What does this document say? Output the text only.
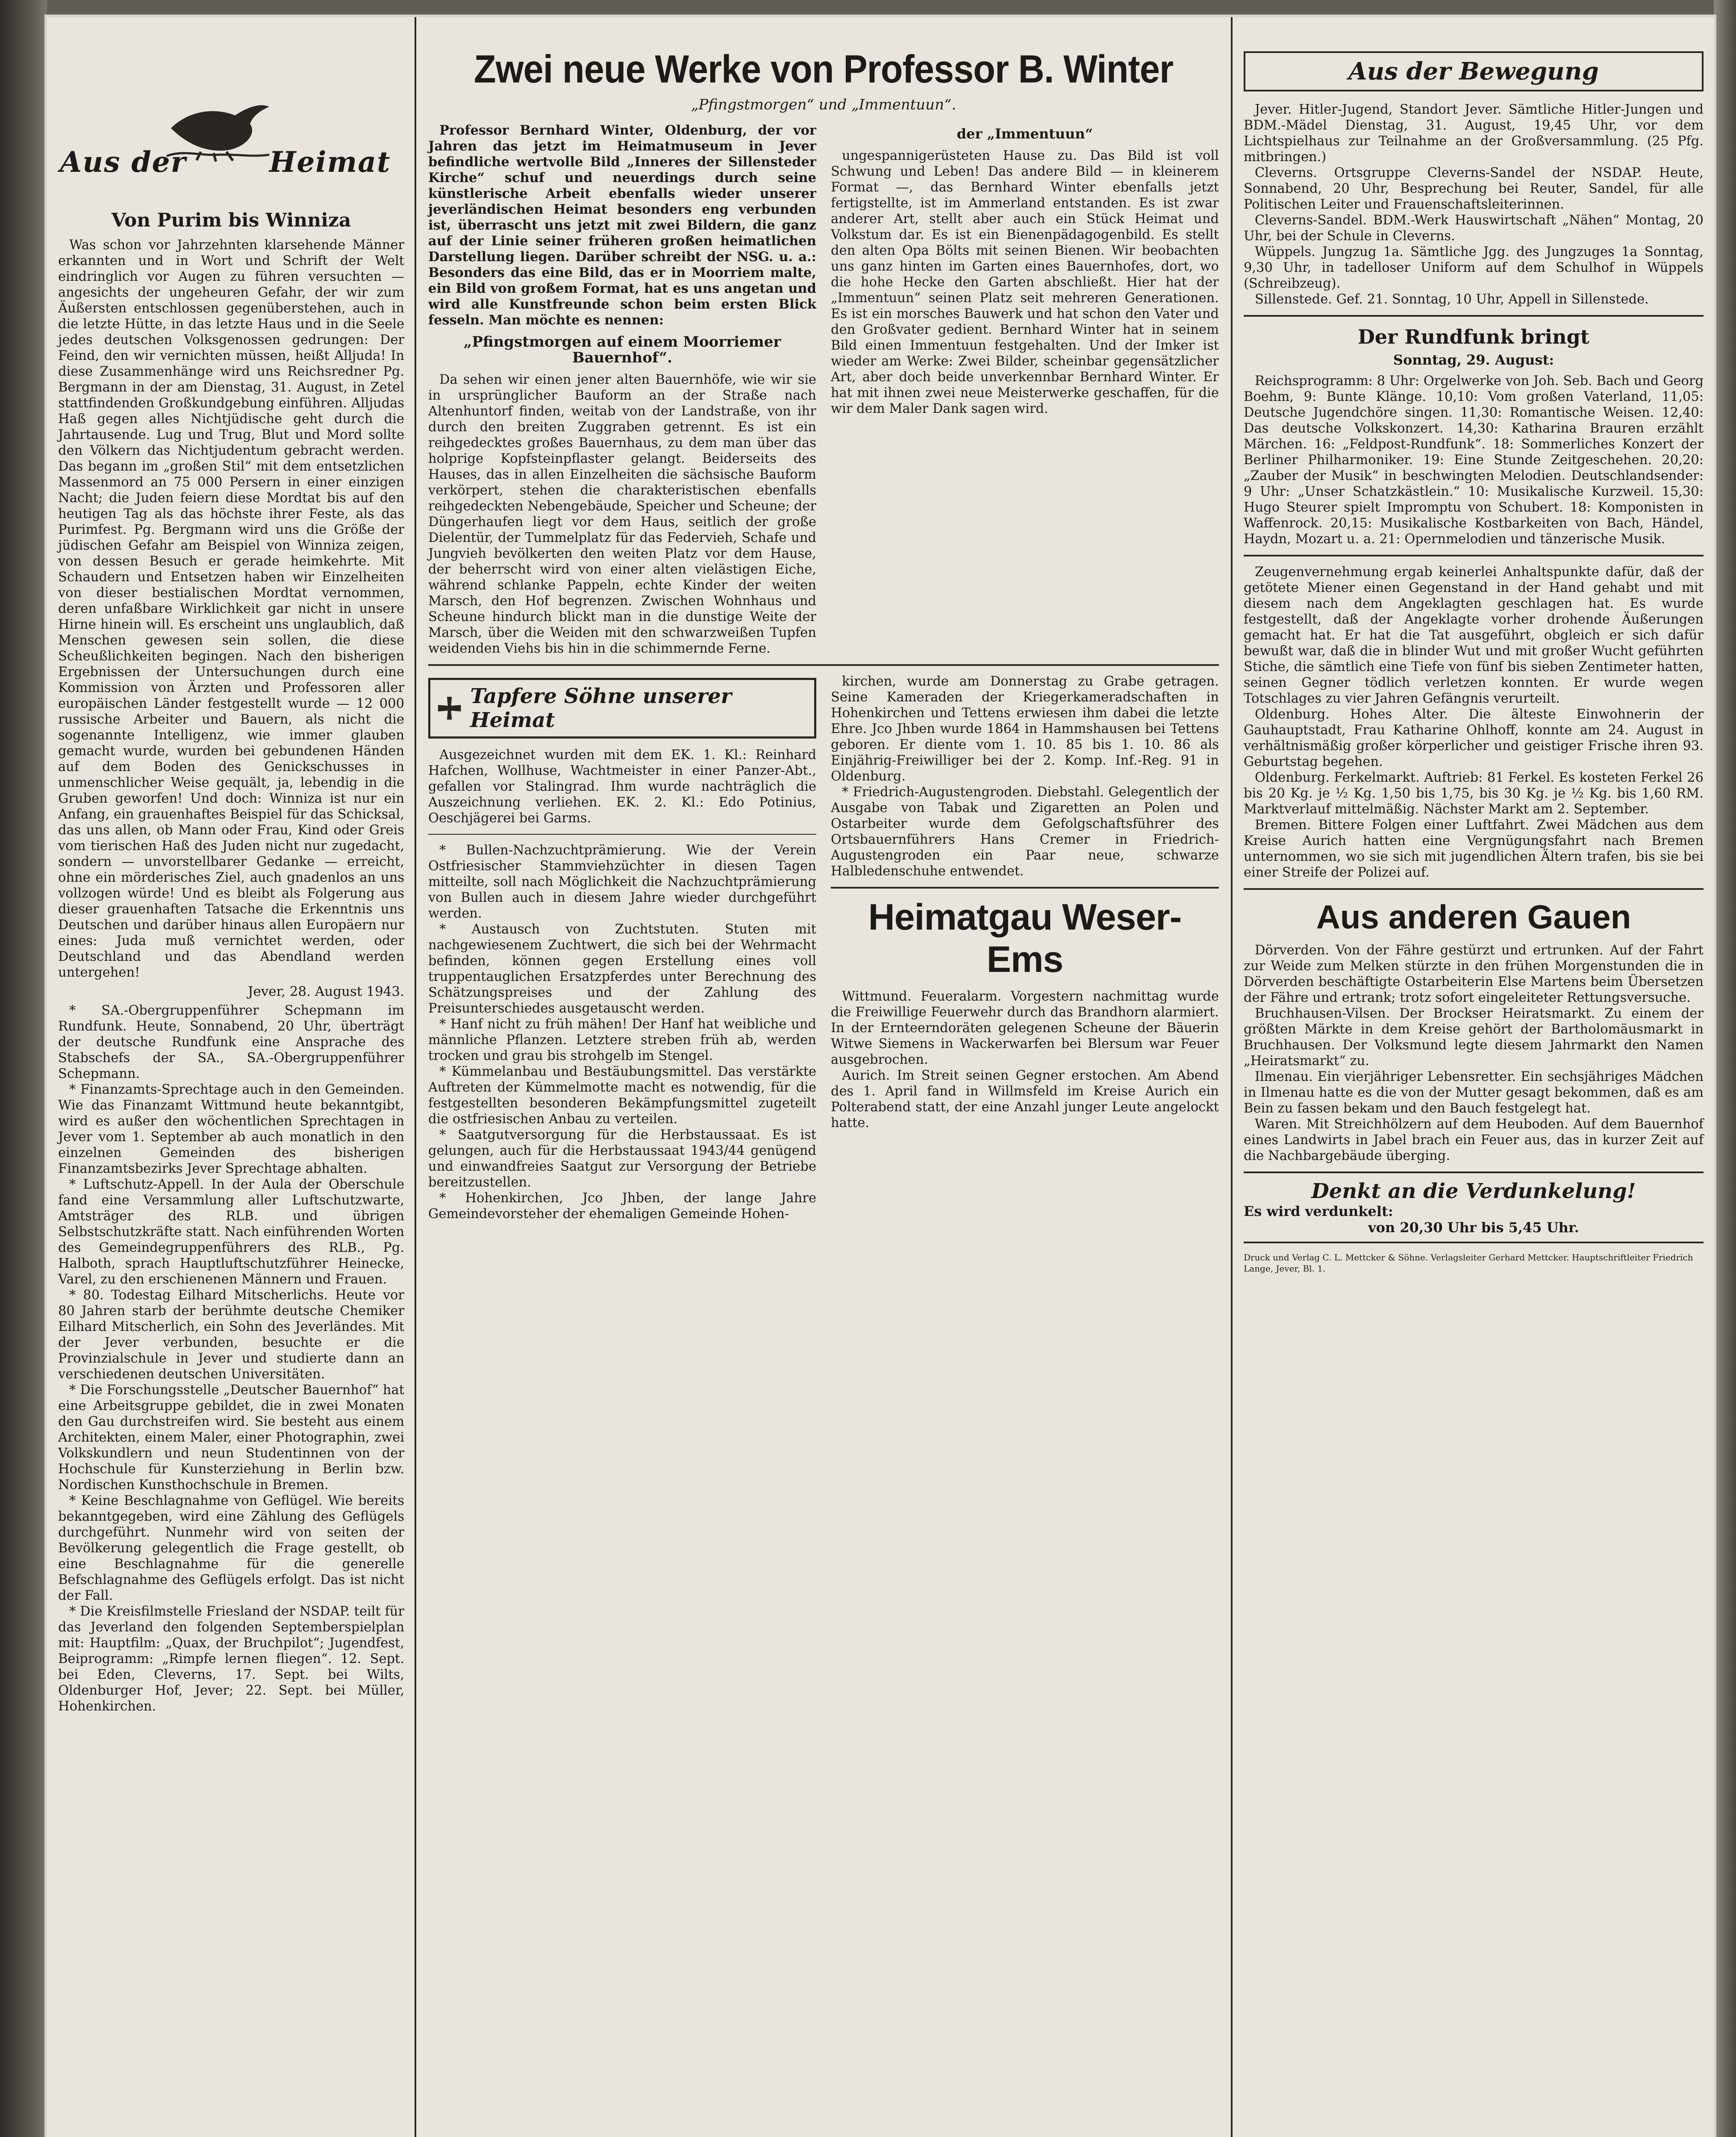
Aus der	Heimat
Von Purim bis Winniza

Was schon vor Jahrzehnten klarsehende Männer erkannten und in Wort und Schrift der Welt eindringlich vor Augen zu führen versuchten — angesichts der ungeheuren Gefahr, der wir zum Äußersten entschlossen gegenüberstehen, auch in die letzte Hütte, in das letzte Haus und in die Seele jedes deutschen Volksgenossen gedrungen: Der Feind, den wir vernichten müssen, heißt Alljuda! In diese Zusammenhänge wird uns Reichsredner Pg. Bergmann in der am Dienstag, 31. August, in Zetel stattfindenden Großkundgebung einführen. Alljudas Haß gegen alles Nichtjüdische geht durch die Jahrtausende. Lug und Trug, Blut und Mord sollte den Völkern das Nichtjudentum gebracht werden. Das begann im „großen Stil“ mit dem entsetzlichen Massenmord an 75 000 Persern in einer einzigen Nacht; die Juden feiern diese Mordtat bis auf den heutigen Tag als das höchste ihrer Feste, als das Purimfest. Pg. Bergmann wird uns die Größe der jüdischen Gefahr am Beispiel von Winniza zeigen, von dessen Besuch er gerade heimkehrte. Mit Schaudern und Entsetzen haben wir Einzelheiten von dieser bestialischen Mordtat vernommen, deren unfaßbare Wirklichkeit gar nicht in unsere Hirne hinein will. Es erscheint uns unglaublich, daß Menschen gewesen sein sollen, die diese Scheußlichkeiten begingen. Nach den bisherigen Ergebnissen der Untersuchungen durch eine Kommission von Ärzten und Professoren aller europäischen Länder festgestellt wurde — 12 000 russische Arbeiter und Bauern, als nicht die sogenannte Intelligenz, wie immer glauben gemacht wurde, wurden bei gebundenen Händen auf dem Boden des Genickschusses in unmenschlicher Weise gequält, ja, lebendig in die Gruben geworfen! Und doch: Winniza ist nur ein Anfang, ein grauenhaftes Beispiel für das Schicksal, das uns allen, ob Mann oder Frau, Kind oder Greis vom tierischen Haß des Juden nicht nur zugedacht, sondern — unvorstellbarer Gedanke — erreicht, ohne ein mörderisches Ziel, auch gnadenlos an uns vollzogen würde! Und es bleibt als Folgerung aus dieser grauenhaften Tatsache die Erkenntnis uns Deutschen und darüber hinaus allen Europäern nur eines: Juda muß vernichtet werden, oder Deutschland und das Abendland werden untergehen!

Jever, 28. August 1943.

* SA.-Obergruppenführer Schepmann im Rundfunk. Heute, Sonnabend, 20 Uhr, überträgt der deutsche Rundfunk eine Ansprache des Stabschefs der SA., SA.-Obergruppenführer Schepmann.

* Finanzamts-Sprechtage auch in den Gemeinden. Wie das Finanzamt Wittmund heute bekanntgibt, wird es außer den wöchentlichen Sprechtagen in Jever vom 1. September ab auch monatlich in den einzelnen Gemeinden des bisherigen Finanzamtsbezirks Jever Sprechtage abhalten.

* Luftschutz-Appell. In der Aula der Oberschule fand eine Versammlung aller Luftschutzwarte, Amtsträger des RLB. und übrigen Selbstschutzkräfte statt. Nach einführenden Worten des Gemeindegruppenführers des RLB., Pg. Halboth, sprach Hauptluftschutzführer Heinecke, Varel, zu den erschienenen Männern und Frauen.

* 80. Todestag Eilhard Mitscherlichs. Heute vor 80 Jahren starb der berühmte deutsche Chemiker Eilhard Mitscherlich, ein Sohn des Jeverländes. Mit der Jever verbunden, besuchte er die Provinzialschule in Jever und studierte dann an verschiedenen deutschen Universitäten.

* Die Forschungsstelle „Deutscher Bauernhof“ hat eine Arbeitsgruppe gebildet, die in zwei Monaten den Gau durchstreifen wird. Sie besteht aus einem Architekten, einem Maler, einer Photographin, zwei Volkskundlern und neun Studentinnen von der Hochschule für Kunsterziehung in Berlin bzw. Nordischen Kunsthochschule in Bremen.

* Keine Beschlagnahme von Geflügel. Wie bereits bekanntgegeben, wird eine Zählung des Geflügels durchgeführt. Nunmehr wird von seiten der Bevölkerung gelegentlich die Frage gestellt, ob eine Beschlagnahme für die generelle Befschlagnahme des Geflügels erfolgt. Das ist nicht der Fall.

* Die Kreisfilmstelle Friesland der NSDAP. teilt für das Jeverland den folgenden Septemberspielplan mit: Hauptfilm: „Quax, der Bruchpilot“; Jugendfest, Beiprogramm: „Rimpfe lernen fliegen“. 12. Sept. bei Eden, Cleverns, 17. Sept. bei Wilts, Oldenburger Hof, Jever; 22. Sept. bei Müller, Hohenkirchen.

Zwei neue Werke von Professor B. Winter
„Pfingstmorgen“ und „Immentuun“.

Professor Bernhard Winter, Oldenburg, der vor Jahren das jetzt im Heimatmuseum in Jever befindliche wertvolle Bild „Inneres der Sillensteder Kirche“ schuf und neuerdings durch seine künstlerische Arbeit ebenfalls wieder unserer jeverländischen Heimat besonders eng verbunden ist, überrascht uns jetzt mit zwei Bildern, die ganz auf der Linie seiner früheren großen heimatlichen Darstellung liegen. Darüber schreibt der NSG. u. a.: Besonders das eine Bild, das er in Moorriem malte, ein Bild von großem Format, hat es uns angetan und wird alle Kunstfreunde schon beim ersten Blick fesseln. Man möchte es nennen:

„Pfingstmorgen auf einem Moorriemer Bauernhof“.

Da sehen wir einen jener alten Bauernhöfe, wie wir sie in ursprünglicher Bauform an der Straße nach Altenhuntorf finden, weitab von der Landstraße, von ihr durch den breiten Zuggraben getrennt. Es ist ein reihgedecktes großes Bauernhaus, zu dem man über das holprige Kopfsteinpflaster gelangt. Beiderseits des Hauses, das in allen Einzelheiten die sächsische Bauform verkörpert, stehen die charakteristischen ebenfalls reihgedeckten Nebengebäude, Speicher und Scheune; der Düngerhaufen liegt vor dem Haus, seitlich der große Dielentür, der Tummelplatz für das Federvieh, Schafe und Jungvieh bevölkerten den weiten Platz vor dem Hause, der beherrscht wird von einer alten vielästigen Eiche, während schlanke Pappeln, echte Kinder der weiten Marsch, den Hof begrenzen. Zwischen Wohnhaus und Scheune hindurch blickt man in die dunstige Weite der Marsch, über die Weiden mit den schwarzweißen Tupfen weidenden Viehs bis hin in die schimmernde Ferne.

der „Immentuun“

ungespannigerüsteten Hause zu. Das Bild ist voll Schwung und Leben! Das andere Bild — in kleinerem Format —, das Bernhard Winter ebenfalls jetzt fertigstellte, ist im Ammerland entstanden. Es ist zwar anderer Art, stellt aber auch ein Stück Heimat und Volkstum dar. Es ist ein Bienenpädagogenbild. Es stellt den alten Opa Bölts mit seinen Bienen. Wir beobachten uns ganz hinten im Garten eines Bauernhofes, dort, wo die hohe Hecke den Garten abschließt. Hier hat der „Immentuun“ seinen Platz seit mehreren Generationen. Es ist ein morsches Bauwerk und hat schon den Vater und den Großvater gedient. Bernhard Winter hat in seinem Bild einen Immentuun festgehalten. Und der Imker ist wieder am Werke: Zwei Bilder, scheinbar gegensätzlicher Art, aber doch beide unverkennbar Bernhard Winter. Er hat mit ihnen zwei neue Meisterwerke geschaffen, für die wir dem Maler Dank sagen wird.

Tapfere Söhne unserer Heimat

Ausgezeichnet wurden mit dem EK. 1. Kl.: Reinhard Hafchen, Wollhuse, Wachtmeister in einer Panzer-Abt., gefallen vor Stalingrad. Ihm wurde nachträglich die Auszeichnung verliehen. EK. 2. Kl.: Edo Potinius, Oeschjägerei bei Garms.

* Bullen-Nachzuchtprämierung. Wie der Verein Ostfriesischer Stammviehzüchter in diesen Tagen mitteilte, soll nach Möglichkeit die Nachzuchtprämierung von Bullen auch in diesem Jahre wieder durchgeführt werden.

* Austausch von Zuchtstuten. Stuten mit nachgewiesenem Zuchtwert, die sich bei der Wehrmacht befinden, können gegen Erstellung eines voll truppentauglichen Ersatzpferdes unter Berechnung des Schätzungspreises und der Zahlung des Preisunterschiedes ausgetauscht werden.

* Hanf nicht zu früh mähen! Der Hanf hat weibliche und männliche Pflanzen. Letztere streben früh ab, werden trocken und grau bis strohgelb im Stengel.

* Kümmelanbau und Bestäubungsmittel. Das verstärkte Auftreten der Kümmelmotte macht es notwendig, für die festgestellten besonderen Bekämpfungsmittel zugeteilt die ostfriesischen Anbau zu verteilen.

* Saatgutversorgung für die Herbstaussaat. Es ist gelungen, auch für die Herbstaussaat 1943/44 genügend und einwandfreies Saatgut zur Versorgung der Betriebe bereitzustellen.

* Hohenkirchen, Jco Jhben, der lange Jahre Gemeindevorsteher der ehemaligen Gemeinde Hohen-

kirchen, wurde am Donnerstag zu Grabe getragen. Seine Kameraden der Kriegerkameradschaften in Hohenkirchen und Tettens erwiesen ihm dabei die letzte Ehre. Jco Jhben wurde 1864 in Hammshausen bei Tettens geboren. Er diente vom 1. 10. 85 bis 1. 10. 86 als Einjährig-Freiwilliger bei der 2. Komp. Inf.-Reg. 91 in Oldenburg.

* Friedrich-Augustengroden. Diebstahl. Gelegentlich der Ausgabe von Tabak und Zigaretten an Polen und Ostarbeiter wurde dem Gefolgschaftsführer des Ortsbauernführers Hans Cremer in Friedrich-Augustengroden ein Paar neue, schwarze Halbledenschuhe entwendet.

Heimatgau Weser-Ems

Wittmund. Feueralarm. Vorgestern nachmittag wurde die Freiwillige Feuerwehr durch das Brandhorn alarmiert. In der Ernteerndoräten gelegenen Scheune der Bäuerin Witwe Siemens in Wackerwarfen bei Blersum war Feuer ausgebrochen.

Aurich. Im Streit seinen Gegner erstochen. Am Abend des 1. April fand in Willmsfeld im Kreise Aurich ein Polterabend statt, der eine Anzahl junger Leute angelockt hatte.

Aus der Bewegung

Jever. Hitler-Jugend, Standort Jever. Sämtliche Hitler-Jungen und BDM.-Mädel Dienstag, 31. August, 19,45 Uhr, vor dem Lichtspielhaus zur Teilnahme an der Großversammlung. (25 Pfg. mitbringen.)

Cleverns. Ortsgruppe Cleverns-Sandel der NSDAP. Heute, Sonnabend, 20 Uhr, Besprechung bei Reuter, Sandel, für alle Politischen Leiter und Frauenschaftsleiterinnen.

Cleverns-Sandel. BDM.-Werk Hauswirtschaft „Nähen“ Montag, 20 Uhr, bei der Schule in Cleverns.

Wüppels. Jungzug 1a. Sämtliche Jgg. des Jungzuges 1a Sonntag, 9,30 Uhr, in tadelloser Uniform auf dem Schulhof in Wüppels (Schreibzeug).

Sillenstede. Gef. 21. Sonntag, 10 Uhr, Appell in Sillenstede.

Der Rundfunk bringt
Sonntag, 29. August:

Reichsprogramm: 8 Uhr: Orgelwerke von Joh. Seb. Bach und Georg Boehm, 9: Bunte Klänge. 10,10: Vom großen Vaterland, 11,05: Deutsche Jugendchöre singen. 11,30: Romantische Weisen. 12,40: Das deutsche Volkskonzert. 14,30: Katharina Brauren erzählt Märchen. 16: „Feldpost-Rundfunk“. 18: Sommerliches Konzert der Berliner Philharmoniker. 19: Eine Stunde Zeitgeschehen. 20,20: „Zauber der Musik“ in beschwingten Melodien. Deutschlandsender: 9 Uhr: „Unser Schatzkästlein.“ 10: Musikalische Kurzweil. 15,30: Hugo Steurer spielt Impromptu von Schubert. 18: Komponisten in Waffenrock. 20,15: Musikalische Kostbarkeiten von Bach, Händel, Haydn, Mozart u. a. 21: Opernmelodien und tänzerische Musik.

Zeugenvernehmung ergab keinerlei Anhaltspunkte dafür, daß der getötete Miener einen Gegenstand in der Hand gehabt und mit diesem nach dem Angeklagten geschlagen hat. Es wurde festgestellt, daß der Angeklagte vorher drohende Äußerungen gemacht hat. Er hat die Tat ausgeführt, obgleich er sich dafür bewußt war, daß die in blinder Wut und mit großer Wucht geführten Stiche, die sämtlich eine Tiefe von fünf bis sieben Zentimeter hatten, seinen Gegner tödlich verletzen konnten. Er wurde wegen Totschlages zu vier Jahren Gefängnis verurteilt.

Oldenburg. Hohes Alter. Die älteste Einwohnerin der Gauhauptstadt, Frau Katharine Ohlhoff, konnte am 24. August in verhältnismäßig großer körperlicher und geistiger Frische ihren 93. Geburtstag begehen.

Oldenburg. Ferkelmarkt. Auftrieb: 81 Ferkel. Es kosteten Ferkel 26 bis 20 Kg. je ½ Kg. 1,50 bis 1,75, bis 30 Kg. je ½ Kg. bis 1,60 RM. Marktverlauf mittelmäßig. Nächster Markt am 2. September.

Bremen. Bittere Folgen einer Luftfahrt. Zwei Mädchen aus dem Kreise Aurich hatten eine Vergnügungsfahrt nach Bremen unternommen, wo sie sich mit jugendlichen Ältern trafen, bis sie bei einer Streife der Polizei auf.

Aus anderen Gauen

Dörverden. Von der Fähre gestürzt und ertrunken. Auf der Fahrt zur Weide zum Melken stürzte in den frühen Morgenstunden die in Dörverden beschäftigte Ostarbeiterin Else Martens beim Übersetzen der Fähre und ertrank; trotz sofort eingeleiteter Rettungsversuche.

Bruchhausen-Vilsen. Der Brockser Heiratsmarkt. Zu einem der größten Märkte in dem Kreise gehört der Bartholomäusmarkt in Bruchhausen. Der Volksmund legte diesem Jahrmarkt den Namen „Heiratsmarkt“ zu.

Ilmenau. Ein vierjähriger Lebensretter. Ein sechsjähriges Mädchen in Ilmenau hatte es die von der Mutter gesagt bekommen, daß es am Bein zu fassen bekam und den Bauch festgelegt hat.

Waren. Mit Streichhölzern auf dem Heuboden. Auf dem Bauernhof eines Landwirts in Jabel brach ein Feuer aus, das in kurzer Zeit auf die Nachbargebäude überging.

Denkt an die Verdunkelung!
Es wird verdunkelt:
von 20,30 Uhr bis 5,45 Uhr.
Druck und Verlag C. L. Mettcker & Söhne. Verlagsleiter Gerhard Mettcker. Hauptschriftleiter Friedrich Lange, Jever, Bl. 1.
